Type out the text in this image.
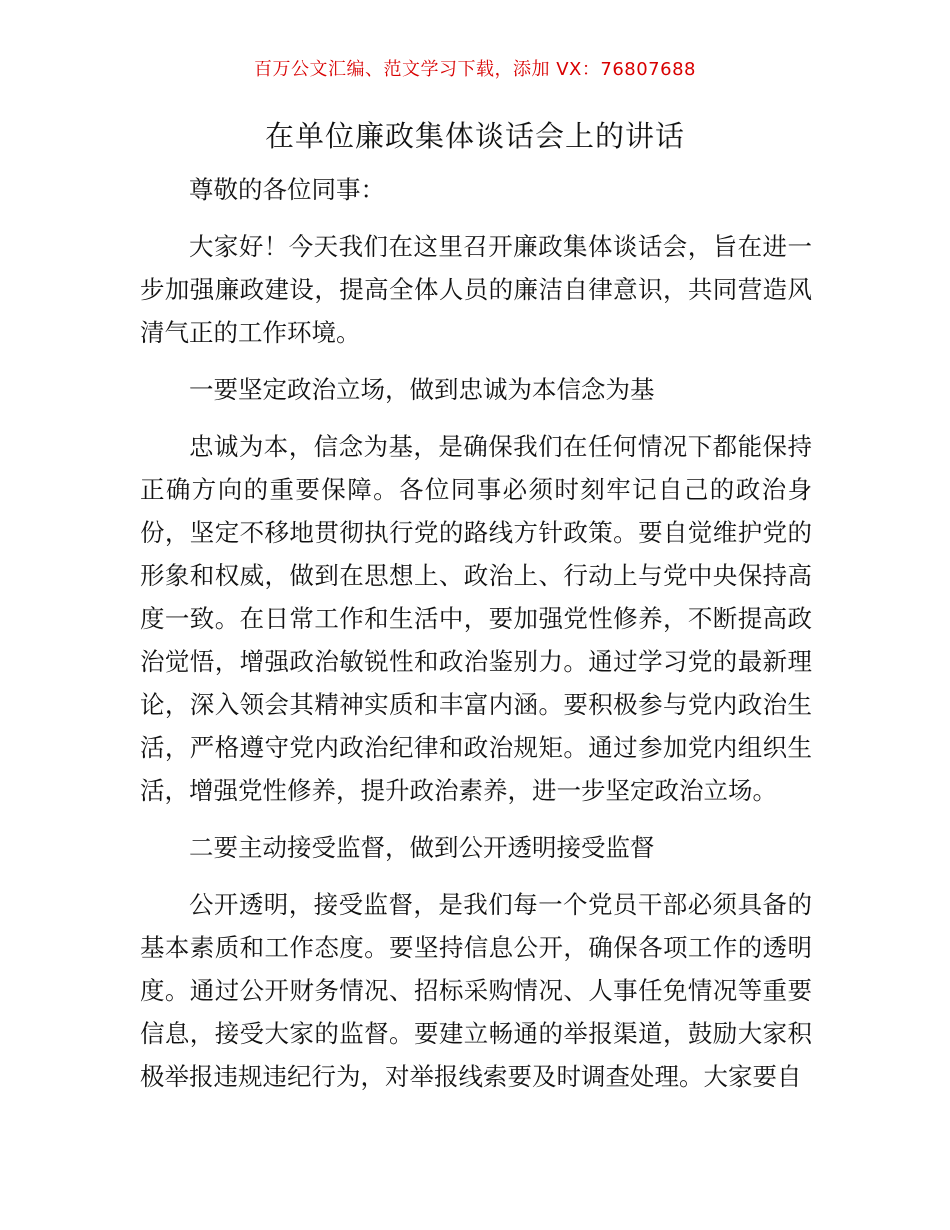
百万公文汇编、范文学习下载，添加 VX：76807688
在单位廉政集体谈话会上的讲话

尊敬的各位同事：

大家好！今天我们在这里召开廉政集体谈话会，旨在进一步加强廉政建设，提高全体人员的廉洁自律意识，共同营造风清气正的工作环境。

一要坚定政治立场，做到忠诚为本信念为基

忠诚为本，信念为基，是确保我们在任何情况下都能保持正确方向的重要保障。各位同事必须时刻牢记自己的政治身份，坚定不移地贯彻执行党的路线方针政策。要自觉维护党的形象和权威，做到在思想上、政治上、行动上与党中央保持高度一致。在日常工作和生活中，要加强党性修养，不断提高政治觉悟，增强政治敏锐性和政治鉴别力。通过学习党的最新理论，深入领会其精神实质和丰富内涵。要积极参与党内政治生活，严格遵守党内政治纪律和政治规矩。通过参加党内组织生活，增强党性修养，提升政治素养，进一步坚定政治立场。

二要主动接受监督，做到公开透明接受监督

公开透明，接受监督，是我们每一个党员干部必须具备的基本素质和工作态度。要坚持信息公开，确保各项工作的透明度。通过公开财务情况、招标采购情况、人事任免情况等重要信息，接受大家的监督。要建立畅通的举报渠道，鼓励大家积极举报违规违纪行为，对举报线索要及时调查处理。大家要自
